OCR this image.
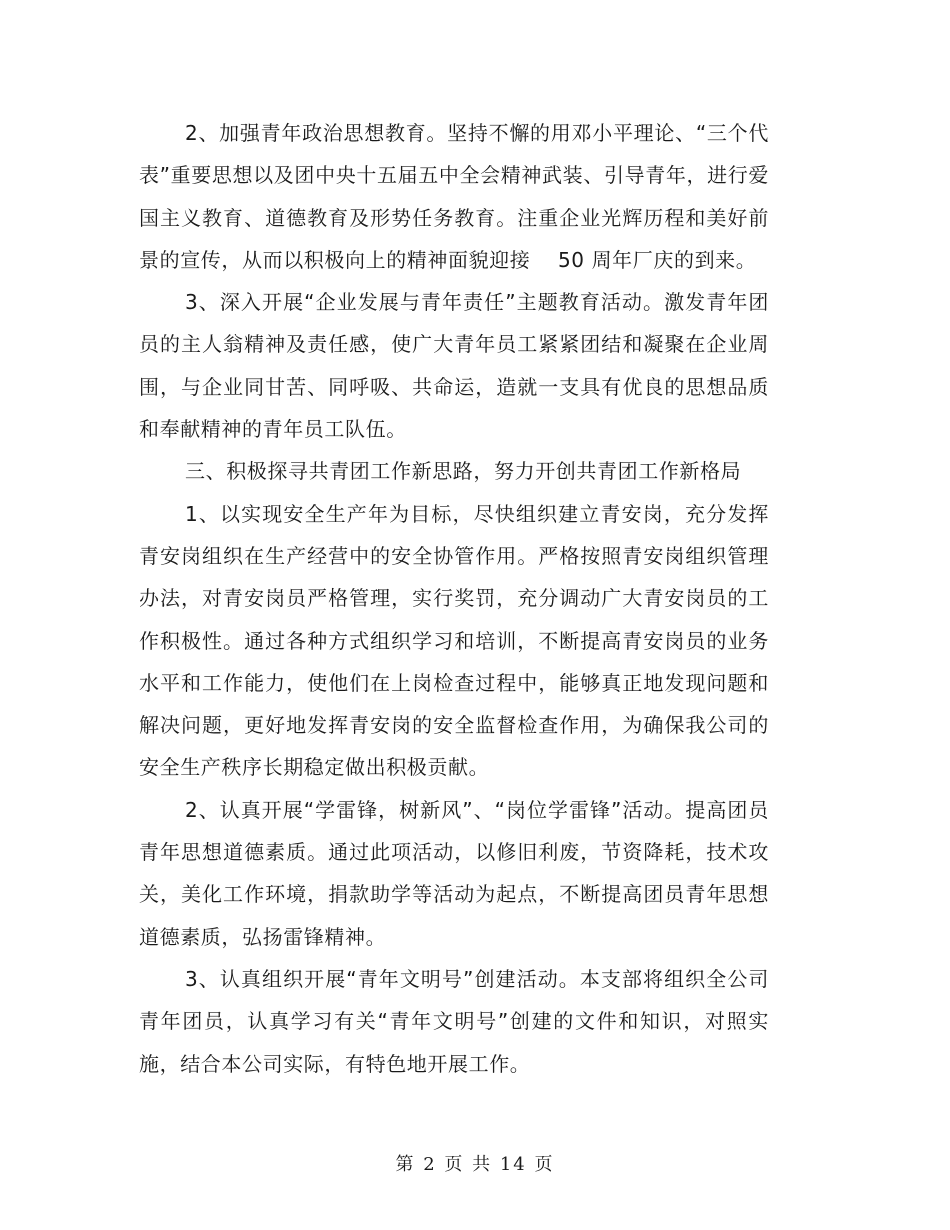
2、加强青年政治思想教育。坚持不懈的用邓小平理论、“三个代表”重要思想以及团中央十五届五中全会精神武装、引导青年，进行爱国主义教育、道德教育及形势任务教育。注重企业光辉历程和美好前景的宣传，从而以积极向上的精神面貌迎接　 50 周年厂庆的到来。

3、深入开展“企业发展与青年责任”主题教育活动。激发青年团员的主人翁精神及责任感，使广大青年员工紧紧团结和凝聚在企业周围，与企业同甘苦、同呼吸、共命运，造就一支具有优良的思想品质和奉献精神的青年员工队伍。

三、积极探寻共青团工作新思路，努力开创共青团工作新格局

1、以实现安全生产年为目标，尽快组织建立青安岗，充分发挥青安岗组织在生产经营中的安全协管作用。严格按照青安岗组织管理办法，对青安岗员严格管理，实行奖罚，充分调动广大青安岗员的工作积极性。通过各种方式组织学习和培训，不断提高青安岗员的业务水平和工作能力，使他们在上岗检查过程中，能够真正地发现问题和解决问题，更好地发挥青安岗的安全监督检查作用，为确保我公司的安全生产秩序长期稳定做出积极贡献。

2、认真开展“学雷锋，树新风”、“岗位学雷锋”活动。提高团员青年思想道德素质。通过此项活动，以修旧利废，节资降耗，技术攻关，美化工作环境，捐款助学等活动为起点，不断提高团员青年思想道德素质，弘扬雷锋精神。

3、认真组织开展“青年文明号”创建活动。本支部将组织全公司青年团员，认真学习有关“青年文明号”创建的文件和知识，对照实施，结合本公司实际，有特色地开展工作。

第 2 页 共 14 页
